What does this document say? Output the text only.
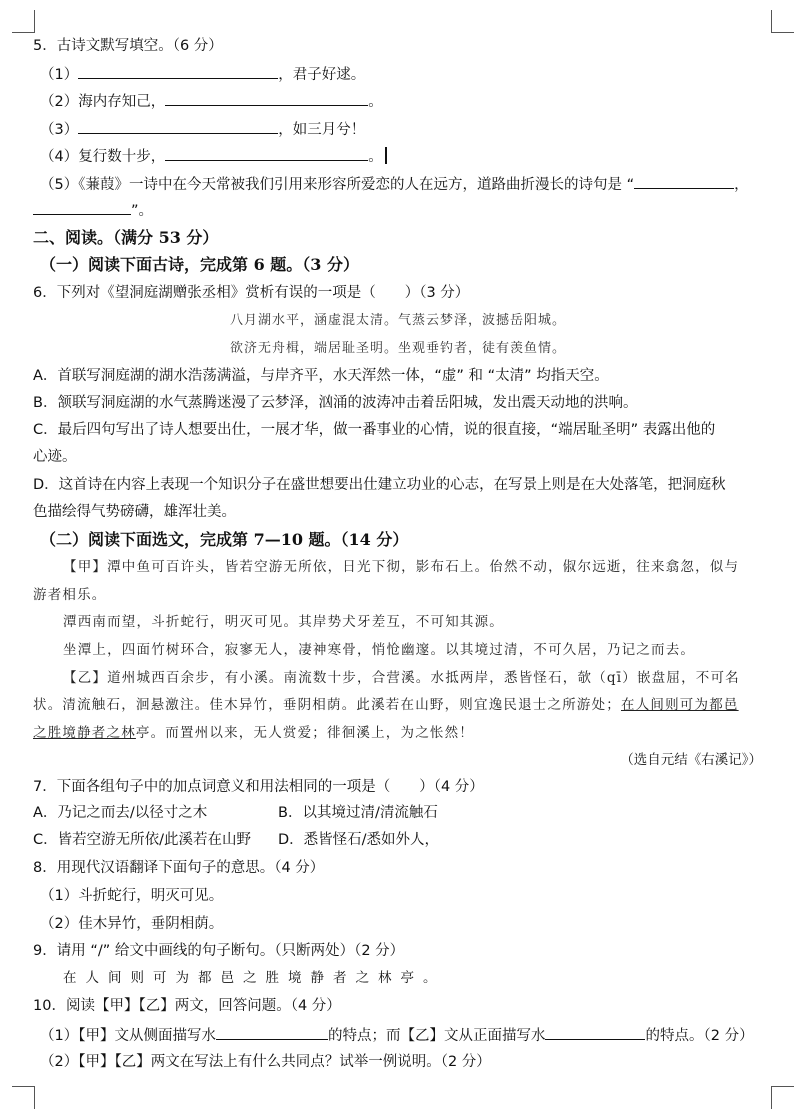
5．古诗文默写填空。（6 分）
（1）	，君子好逑。
（2）海内存知己，	。
（3）	，如三月兮！
（4）复行数十步，	。
（5）《蒹葭》一诗中在今天常被我们引用来形容所爱恋的人在远方，道路曲折漫长的诗句是 “	，
”。
二、阅读。（满分 53 分）
（一）阅读下面古诗，完成第 6 题。（3 分）
6．下列对《望洞庭湖赠张丞相》赏析有误的一项是（　　）（3 分）
八月湖水平，涵虚混太清。气蒸云梦泽，波撼岳阳城。
欲济无舟楫，端居耻圣明。坐观垂钓者，徒有羡鱼情。
A．首联写洞庭湖的湖水浩荡满溢，与岸齐平，水天浑然一体，“虚” 和 “太清” 均指天空。
B．颔联写洞庭湖的水气蒸腾迷漫了云梦泽，汹涌的波涛冲击着岳阳城，发出震天动地的洪响。
C．最后四句写出了诗人想要出仕，一展才华，做一番事业的心情，说的很直接，“端居耻圣明” 表露出他的
心迹。
D．这首诗在内容上表现一个知识分子在盛世想要出仕建立功业的心志，在写景上则是在大处落笔，把洞庭秋
色描绘得气势磅礴，雄浑壮美。
（二）阅读下面选文，完成第 7—10 题。（14 分）
【甲】潭中鱼可百许头，皆若空游无所依，日光下彻，影布石上。佁然不动，俶尔远逝，往来翕忽，似与
游者相乐。
潭西南而望，斗折蛇行，明灭可见。其岸势犬牙差互，不可知其源。
坐潭上，四面竹树环合，寂寥无人，凄神寒骨，悄怆幽邃。以其境过清，不可久居，乃记之而去。
【乙】道州城西百余步，有小溪。南流数十步，合营溪。水抵两岸，悉皆怪石，欹（qī）嵌盘屈，不可名
状。清流触石，洄悬激注。佳木异竹，垂阴相荫。此溪若在山野，则宜逸民退士之所游处；在人间则可为都邑
之胜境静者之林亭。而置州以来，无人赏爱；徘徊溪上，为之怅然！
（选自元结《右溪记》）
7．下面各组句子中的加点词意义和用法相同的一项是（　　）（4 分）
A．乃记之而去/以径寸之木	B．以其境过清/清流触石
C．皆若空游无所依/此溪若在山野 D．悉皆怪石/悉如外人，
8．用现代汉语翻译下面句子的意思。（4 分）
（1）斗折蛇行，明灭可见。
（2）佳木异竹，垂阴相荫。
9．请用 “/” 给文中画线的句子断句。（只断两处）（2 分）
在人间则可为都邑之胜境静者之林亭。
10．阅读【甲】【乙】两文，回答问题。（4 分）
（1）【甲】文从侧面描写水	的特点；而【乙】文从正面描写水	的特点。（2 分）
（2）【甲】【乙】两文在写法上有什么共同点？试举一例说明。（2 分）
